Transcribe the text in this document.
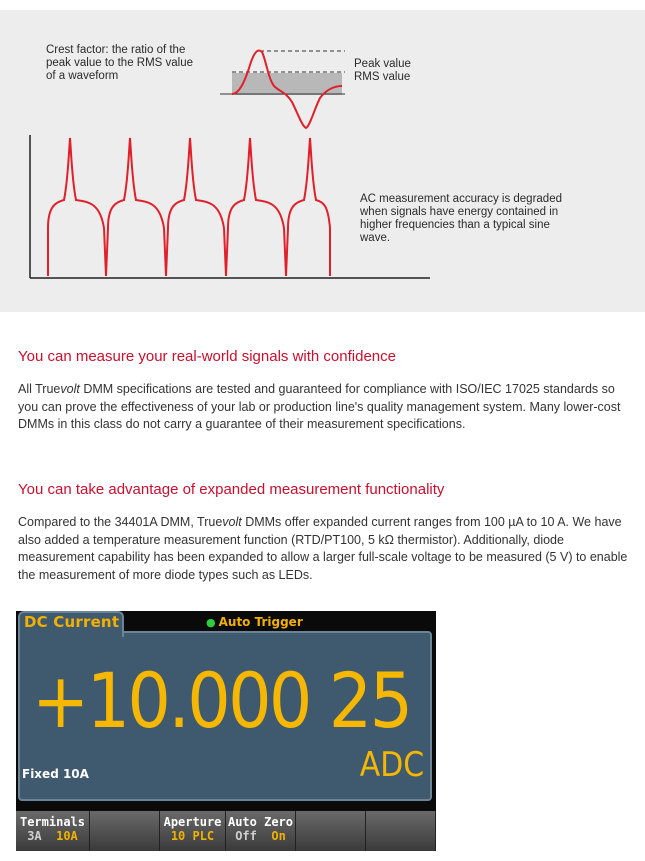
Crest factor: the ratio of the
peak value to the RMS value
of a waveform
Peak value
RMS value
AC measurement accuracy is degraded
when signals have energy contained in
higher frequencies than a typical sine
wave.
You can measure your real-world signals with confidence
All Truevolt DMM specifications are tested and guaranteed for compliance with ISO/IEC 17025 standards so you can prove the effectiveness of your lab or production line's quality management system. Many lower-cost DMMs in this class do not carry a guarantee of their measurement specifications.
You can take advantage of expanded measurement functionality
Compared to the 34401A DMM, Truevolt DMMs offer expanded current ranges from 100 µA to 10 A. We have also added a temperature measurement function (RTD/PT100, 5 kΩ thermistor). Additionally, diode measurement capability has been expanded to allow a larger full-scale voltage to be measured (5 V) to enable the measurement of more diode types such as LEDs.
DC Current	● Auto Trigger
+10.000 25
ADC
Fixed 10A
Terminals
3A 10A
Aperture
10 PLC
Auto Zero
Off On
